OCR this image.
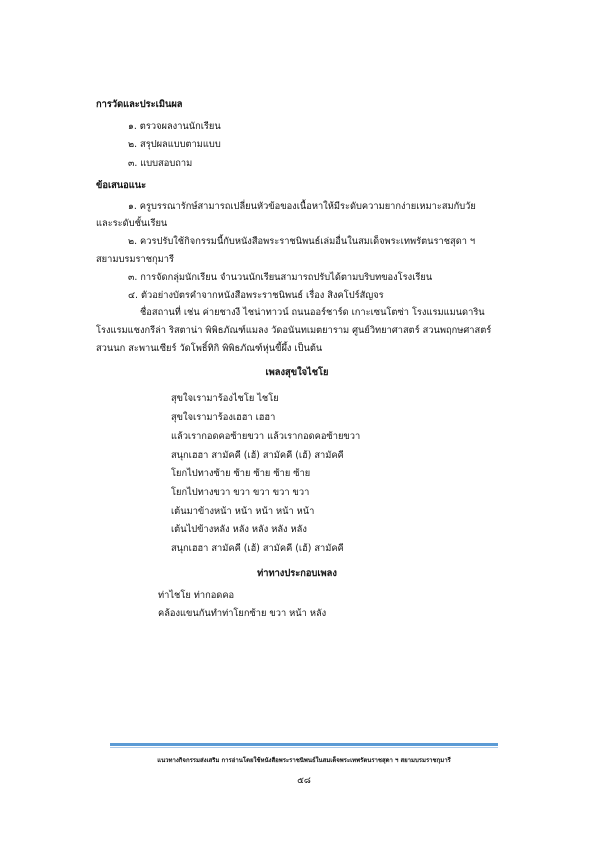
การวัดและประเมินผล
๑. ตรวจผลงานนักเรียน
๒. สรุปผลแบบตามแบบ
๓. แบบสอบถาม
ข้อเสนอแนะ
๑. ครูบรรณารักษ์สามารถเปลี่ยนหัวข้อของเนื้อหาให้มีระดับความยากง่ายเหมาะสมกับวัย
และระดับชั้นเรียน
๒. ควรปรับใช้กิจกรรมนี้กับหนังสือพระราชนิพนธ์เล่มอื่นในสมเด็จพระเทพรัตนราชสุดา ฯ
สยามบรมราชกุมารี
๓. การจัดกลุ่มนักเรียน จำนวนนักเรียนสามารถปรับได้ตามบริบทของโรงเรียน
๔. ตัวอย่างบัตรคำจากหนังสือพระราชนิพนธ์ เรื่อง สิงคโปร์สัญจร
ชื่อสถานที่ เช่น ค่ายชางงี ไชน่าทาวน์ ถนนออร์ชาร์ด เกาะเซนโตซ่า โรงแรมแมนดาริน
โรงแรมแชงกรีล่า ริสตาน่า พิพิธภัณฑ์แมลง วัดอนันทเมตยาราม ศูนย์วิทยาศาสตร์ สวนพฤกษศาสตร์
สวนนก สะพานเซียร์ วัดโพธิ์ทิกิ พิพิธภัณฑ์หุ่นขี้ผึ้ง เป็นต้น
เพลงสุขใจไชโย
สุขใจเรามาร้องไชโย ไชโย
สุขใจเรามาร้องเฮฮา เฮฮา
แล้วเรากอดคอซ้ายขวา แล้วเรากอดคอซ้ายขวา
สนุกเฮฮา สามัคคี (เฮ้) สามัคคี (เฮ้) สามัคคี
โยกไปทางซ้าย ซ้าย ซ้าย ซ้าย ซ้าย
โยกไปทางขวา ขวา ขวา ขวา ขวา
เต้นมาข้างหน้า หน้า หน้า หน้า หน้า
เต้นไปข้างหลัง หลัง หลัง หลัง หลัง
สนุกเฮฮา สามัคคี (เฮ้) สามัคคี (เฮ้) สามัคคี
ท่าทางประกอบเพลง
ท่าไชโย ท่ากอดคอ
คล้องแขนกันทำท่าโยกซ้าย ขวา หน้า หลัง
แนวทางกิจกรรมส่งเสริม การอ่านโดยใช้หนังสือพระราชนิพนธ์ในสมเด็จพระเทพรัตนราชสุดา ฯ สยามบรมราชกุมารี
๕๘
